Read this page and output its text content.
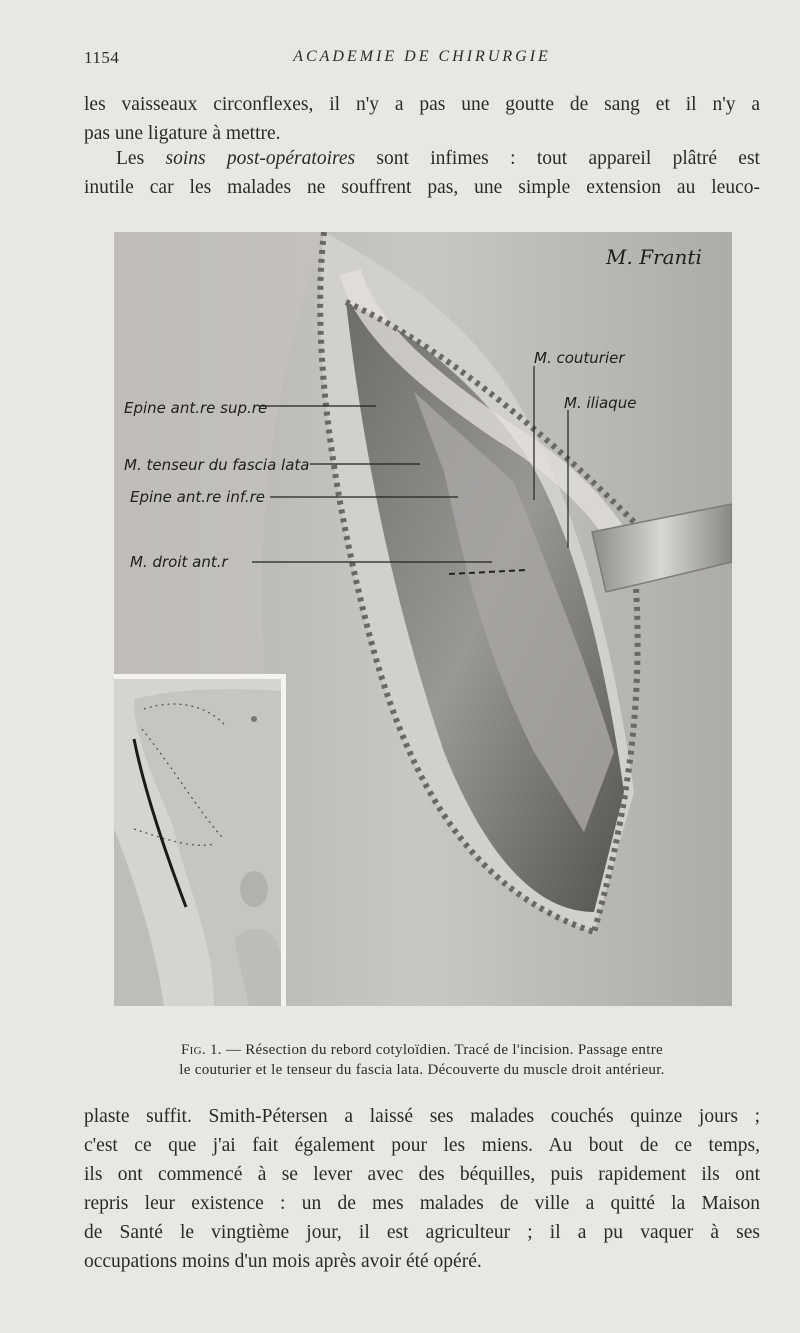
1154	ACADEMIE DE CHIRURGIE

les vaisseaux circonflexes, il n'y a pas une goutte de sang et il n'y a
pas une ligature à mettre.

Les soins post-opératoires sont infimes : tout appareil plâtré est
inutile car les malades ne souffrent pas, une simple extension au leuco-

M. Franti
Epine ant.re sup.re
M. tenseur du fascia lata
Epine ant.re inf.re
M. droit ant.r
M. couturier
M. iliaque
Fig. 1. — Résection du rebord cotyloïdien. Tracé de l'incision. Passage entre
le couturier et le tenseur du fascia lata. Découverte du muscle droit antérieur.

plaste suffit. Smith-Pétersen a laissé ses malades couchés quinze jours ;
c'est ce que j'ai fait également pour les miens. Au bout de ce temps,
ils ont commencé à se lever avec des béquilles, puis rapidement ils ont
repris leur existence : un de mes malades de ville a quitté la Maison
de Santé le vingtième jour, il est agriculteur ; il a pu vaquer à ses
occupations moins d'un mois après avoir été opéré.
